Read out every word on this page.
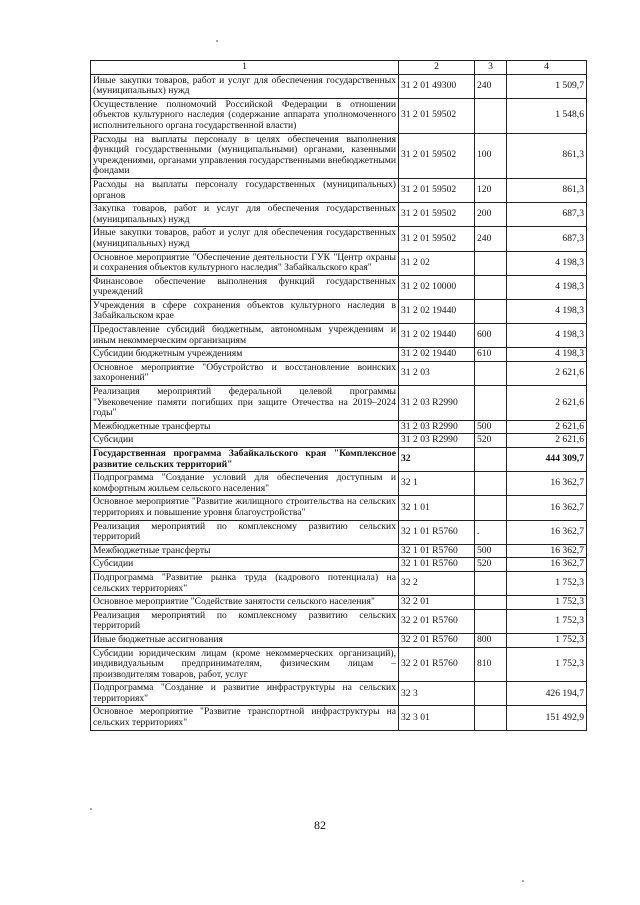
1	2	3	4
Иные закупки товаров, работ и услуг для обеспечения государственных (муниципальных) нужд	31 2 01 49300	240	1 509,7
Осуществление полномочий Российской Федерации в отношении объектов культурного наследия (содержание аппарата уполномоченного исполнительного органа государственной власти)	31 2 01 59502		1 548,6
Расходы на выплаты персоналу в целях обеспечения выполнения функций государственными (муниципальными) органами, казенными учреждениями, органами управления государственными внебюджетными фондами	31 2 01 59502	100	861,3
Расходы на выплаты персоналу государственных (муниципальных) органов	31 2 01 59502	120	861,3
Закупка товаров, работ и услуг для обеспечения государственных (муниципальных) нужд	31 2 01 59502	200	687,3
Иные закупки товаров, работ и услуг для обеспечения государственных (муниципальных) нужд	31 2 01 59502	240	687,3
Основное мероприятие "Обеспечение деятельности ГУК "Центр охраны и сохранения объектов культурного наследия" Забайкальского края"	31 2 02		4 198,3
Финансовое обеспечение выполнения функций государственных учреждений	31 2 02 10000		4 198,3
Учреждения в сфере сохранения объектов культурного наследия в Забайкальском крае	31 2 02 19440		4 198,3
Предоставление субсидий бюджетным, автономным учреждениям и иным некоммерческим организациям	31 2 02 19440	600	4 198,3
Субсидии бюджетным учреждениям	31 2 02 19440	610	4 198,3
Основное мероприятие "Обустройство и восстановление воинских захоронений"	31 2 03		2 621,6
Реализация мероприятий федеральной целевой программы "Увековечение памяти погибших при защите Отечества на 2019–2024 годы"	31 2 03 R2990		2 621,6
Межбюджетные трансферты	31 2 03 R2990	500	2 621,6
Субсидии	31 2 03 R2990	520	2 621,6
Государственная программа Забайкальского края "Комплексное развитие сельских территорий"	32		444 309,7
Подпрограмма "Создание условий для обеспечения доступным и комфортным жильем сельского населения"	32 1		16 362,7
Основное мероприятие "Развитие жилищного строительства на сельских территориях и повышение уровня благоустройства"	32 1 01		16 362,7
Реализация мероприятий по комплексному развитию сельских территорий	32 1 01 R5760	.	16 362,7
Межбюджетные трансферты	32 1 01 R5760	500	16 362,7
Субсидии	32 1 01 R5760	520	16 362,7
Подпрограмма "Развитие рынка труда (кадрового потенциала) на сельских территориях"	32 2		1 752,3
Основное мероприятие "Содействие занятости сельского населения"	32 2 01		1 752,3
Реализация мероприятий по комплексному развитию сельских территорий	32 2 01 R5760		1 752,3
Иные бюджетные ассигнования	32 2 01 R5760	800	1 752,3
Субсидии юридическим лицам (кроме некоммерческих организаций), индивидуальным предпринимателям, физическим лицам – производителям товаров, работ, услуг	32 2 01 R5760	810	1 752,3
Подпрограмма "Создание и развитие инфраструктуры на сельских территориях"	32 3		426 194,7
Основное мероприятие "Развитие транспортной инфраструктуры на сельских территориях"	32 3 01		151 492,9
82
